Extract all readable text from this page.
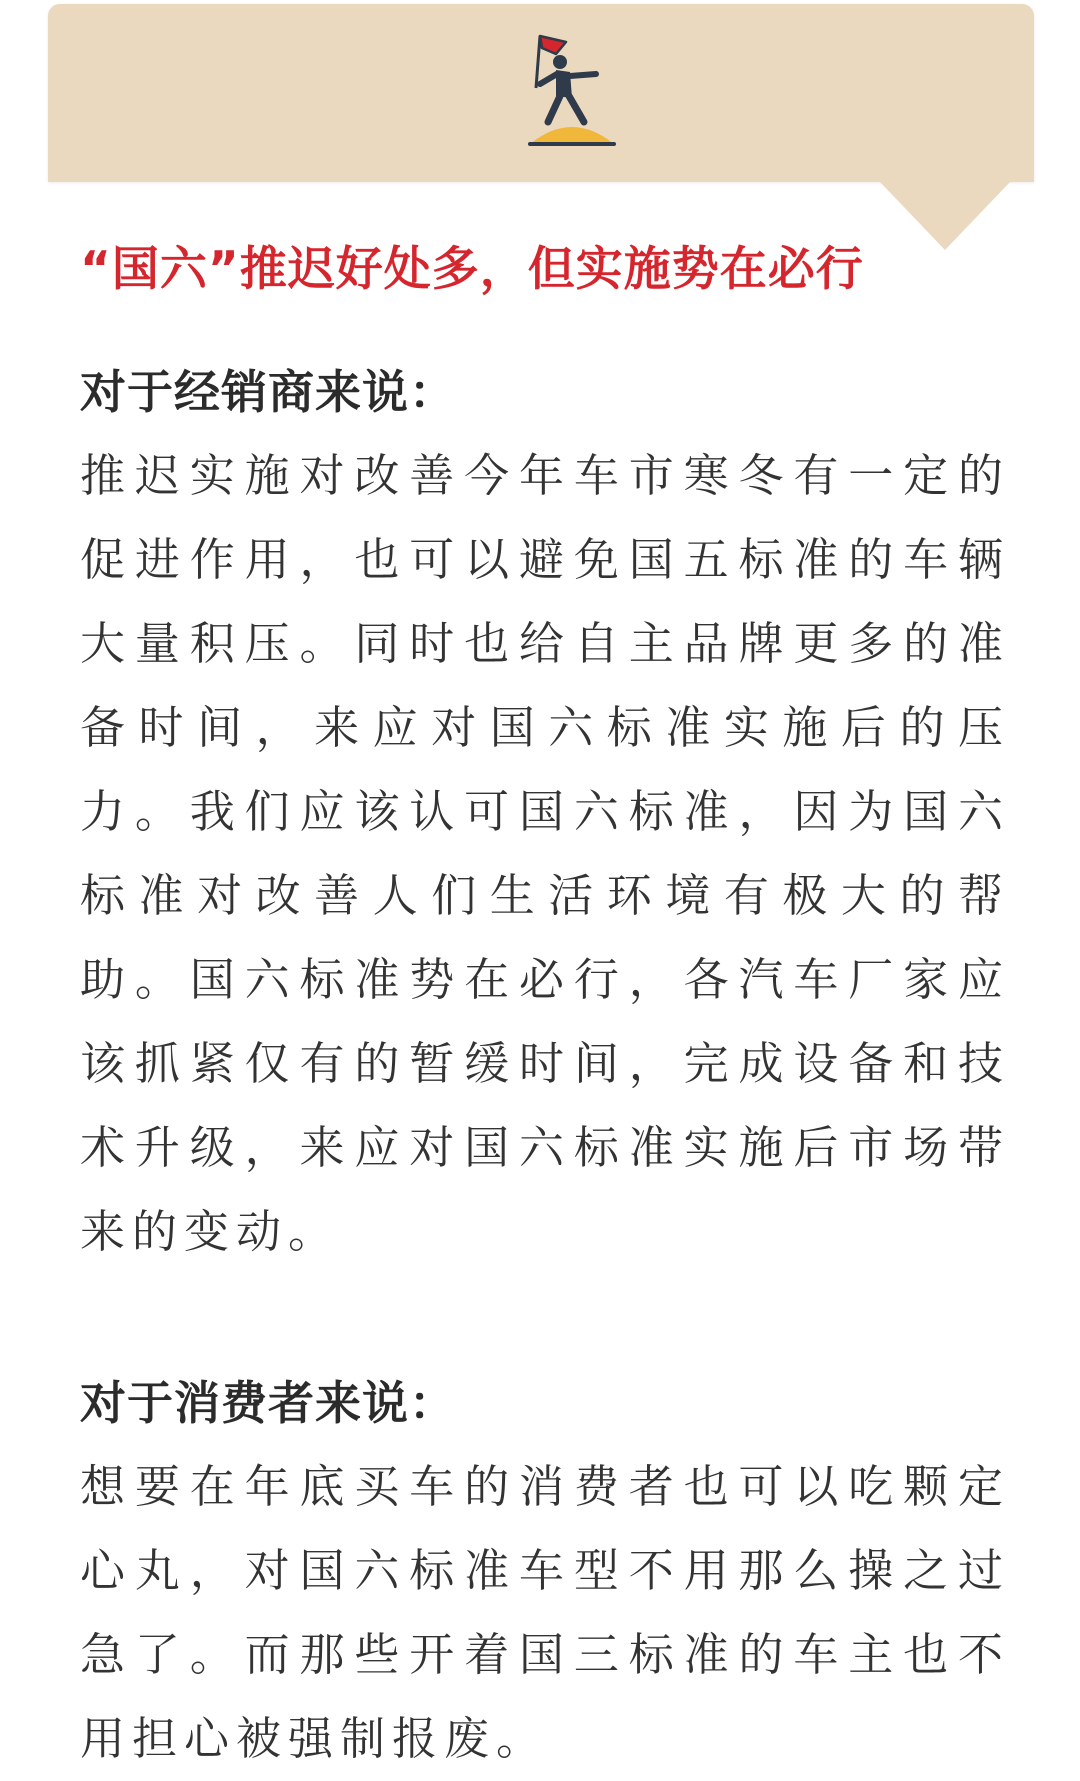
“国六”推迟好处多，但实施势在必行
对于经销商来说：

推迟实施对改善今年车市寒冬有一定的促进作用，也可以避免国五标准的车辆大量积压。同时也给自主品牌更多的准备时间，来应对国六标准实施后的压力。我们应该认可国六标准，因为国六标准对改善人们生活环境有极大的帮助。国六标准势在必行，各汽车厂家应该抓紧仅有的暂缓时间，完成设备和技术升级，来应对国六标准实施后市场带来的变动。

对于消费者来说：

想要在年底买车的消费者也可以吃颗定心丸，对国六标准车型不用那么操之过急了。而那些开着国三标准的车主也不用担心被强制报废。
